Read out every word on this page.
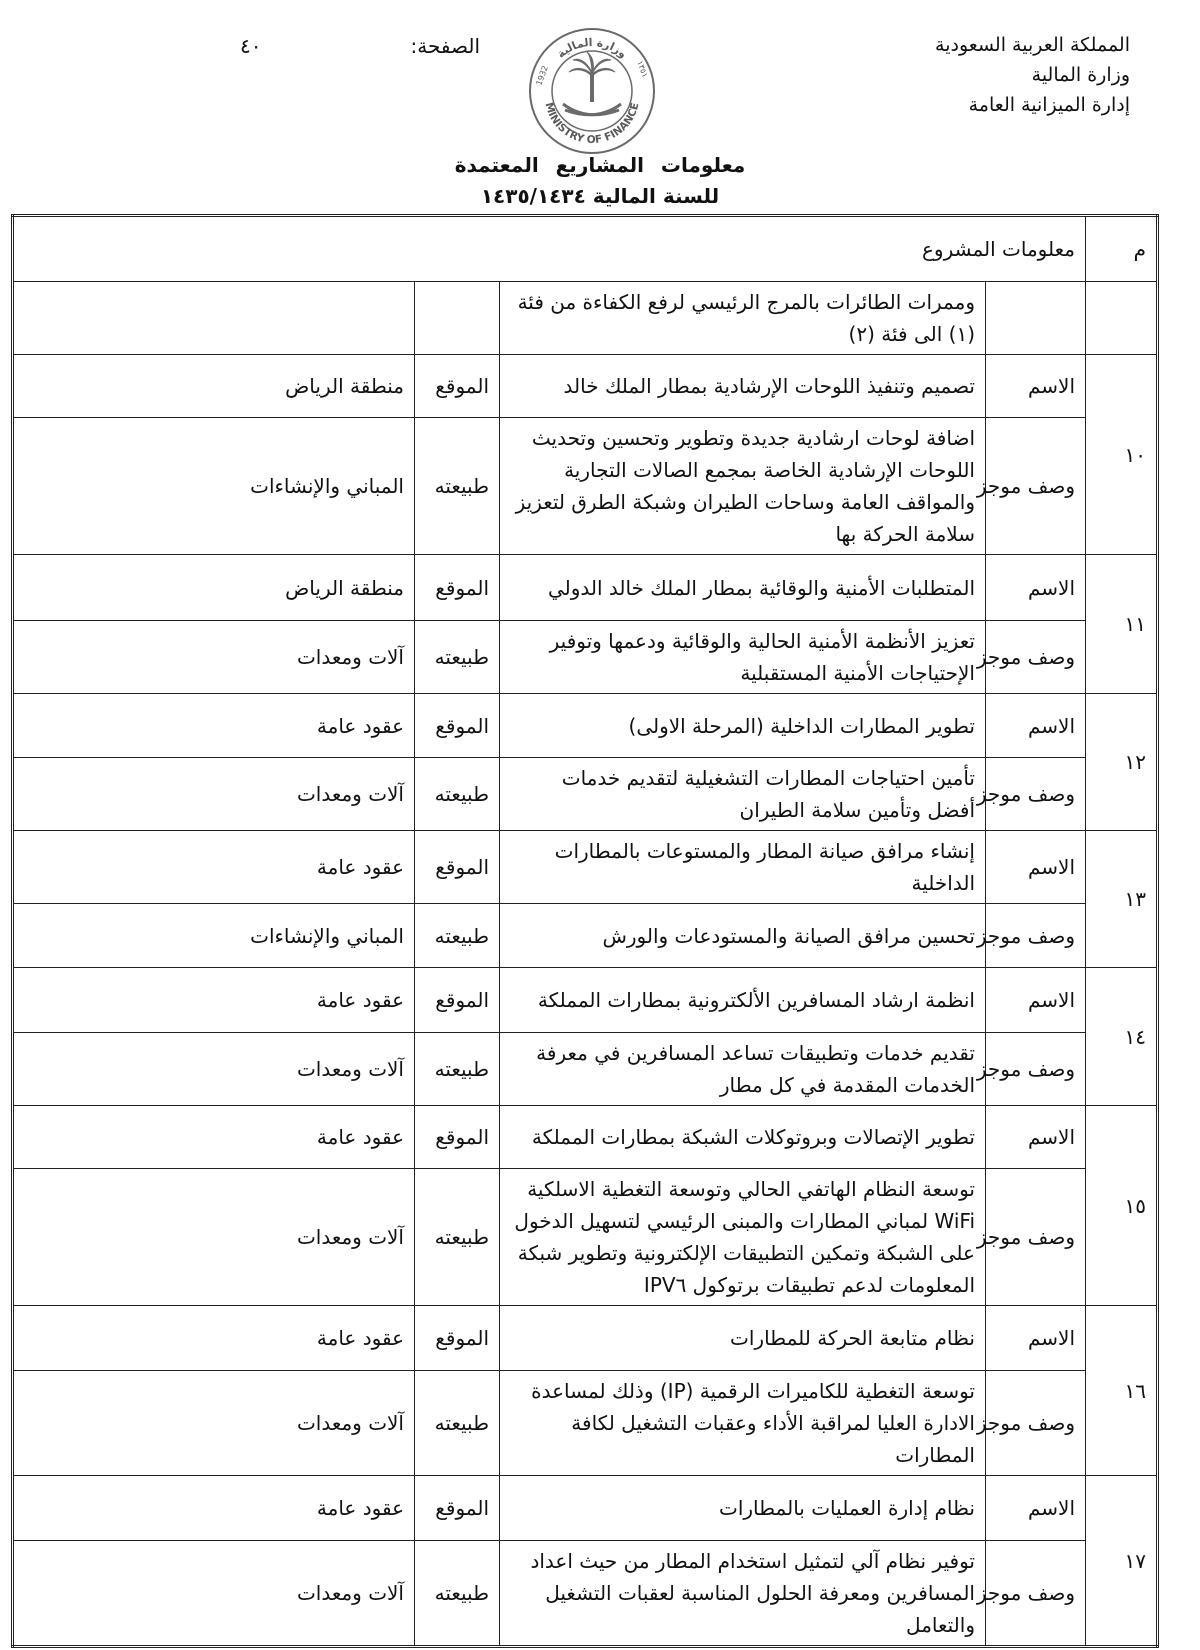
المملكة العربية السعودية
وزارة المالية
إدارة الميزانية العامة
الصفحة:
٤٠	وزارة المالية
MINISTRY OF FINANCE
1932	١٣٥١
معلومات المشاريع المعتمدة
للسنة المالية ١٤٣٥/١٤٣٤
م	معلومات المشروع			
		وممرات الطائرات بالمرج الرئيسي لرفع الكفاءة من فئة (١) الى فئة (٢)		
١٠	الاسم	تصميم وتنفيذ اللوحات الإرشادية بمطار الملك خالد	الموقع	منطقة الرياض
	وصف موجز	اضافة لوحات ارشادية جديدة وتطوير وتحسين وتحديث اللوحات الإرشادية الخاصة بمجمع الصالات التجارية والمواقف العامة وساحات الطيران وشبكة الطرق لتعزيز سلامة الحركة بها	طبيعته	المباني والإنشاءات
١١	الاسم	المتطلبات الأمنية والوقائية بمطار الملك خالد الدولي	الموقع	منطقة الرياض
	وصف موجز	تعزيز الأنظمة الأمنية الحالية والوقائية ودعمها وتوفير الإحتياجات الأمنية المستقبلية	طبيعته	آلات ومعدات
١٢	الاسم	تطوير المطارات الداخلية (المرحلة الاولى)	الموقع	عقود عامة
	وصف موجز	تأمين احتياجات المطارات التشغيلية لتقديم خدمات أفضل وتأمين سلامة الطيران	طبيعته	آلات ومعدات
١٣	الاسم	إنشاء مرافق صيانة المطار والمستوعات بالمطارات الداخلية	الموقع	عقود عامة
	وصف موجز	تحسين مرافق الصيانة والمستودعات والورش	طبيعته	المباني والإنشاءات
١٤	الاسم	انظمة ارشاد المسافرين الألكترونية بمطارات المملكة	الموقع	عقود عامة
	وصف موجز	تقديم خدمات وتطبيقات تساعد المسافرين في معرفة الخدمات المقدمة في كل مطار	طبيعته	آلات ومعدات
١٥	الاسم	تطوير الإتصالات وبروتوكلات الشبكة بمطارات المملكة	الموقع	عقود عامة
	وصف موجز	توسعة النظام الهاتفي الحالي وتوسعة التغطية الاسلكية WiFi لمباني المطارات والمبنى الرئيسي لتسهيل الدخول على الشبكة وتمكين التطبيقات الإلكترونية وتطوير شبكة المعلومات لدعم تطبيقات برتوكول IPV٦	طبيعته	آلات ومعدات
١٦	الاسم	نظام متابعة الحركة للمطارات	الموقع	عقود عامة
	وصف موجز	توسعة التغطية للكاميرات الرقمية (IP) وذلك لمساعدة الادارة العليا لمراقبة الأداء وعقبات التشغيل لكافة المطارات	طبيعته	آلات ومعدات
١٧	الاسم	نظام إدارة العمليات بالمطارات	الموقع	عقود عامة
	وصف موجز	توفير نظام آلي لتمثيل استخدام المطار من حيث اعداد المسافرين ومعرفة الحلول المناسبة لعقبات التشغيل والتعامل	طبيعته	آلات ومعدات
